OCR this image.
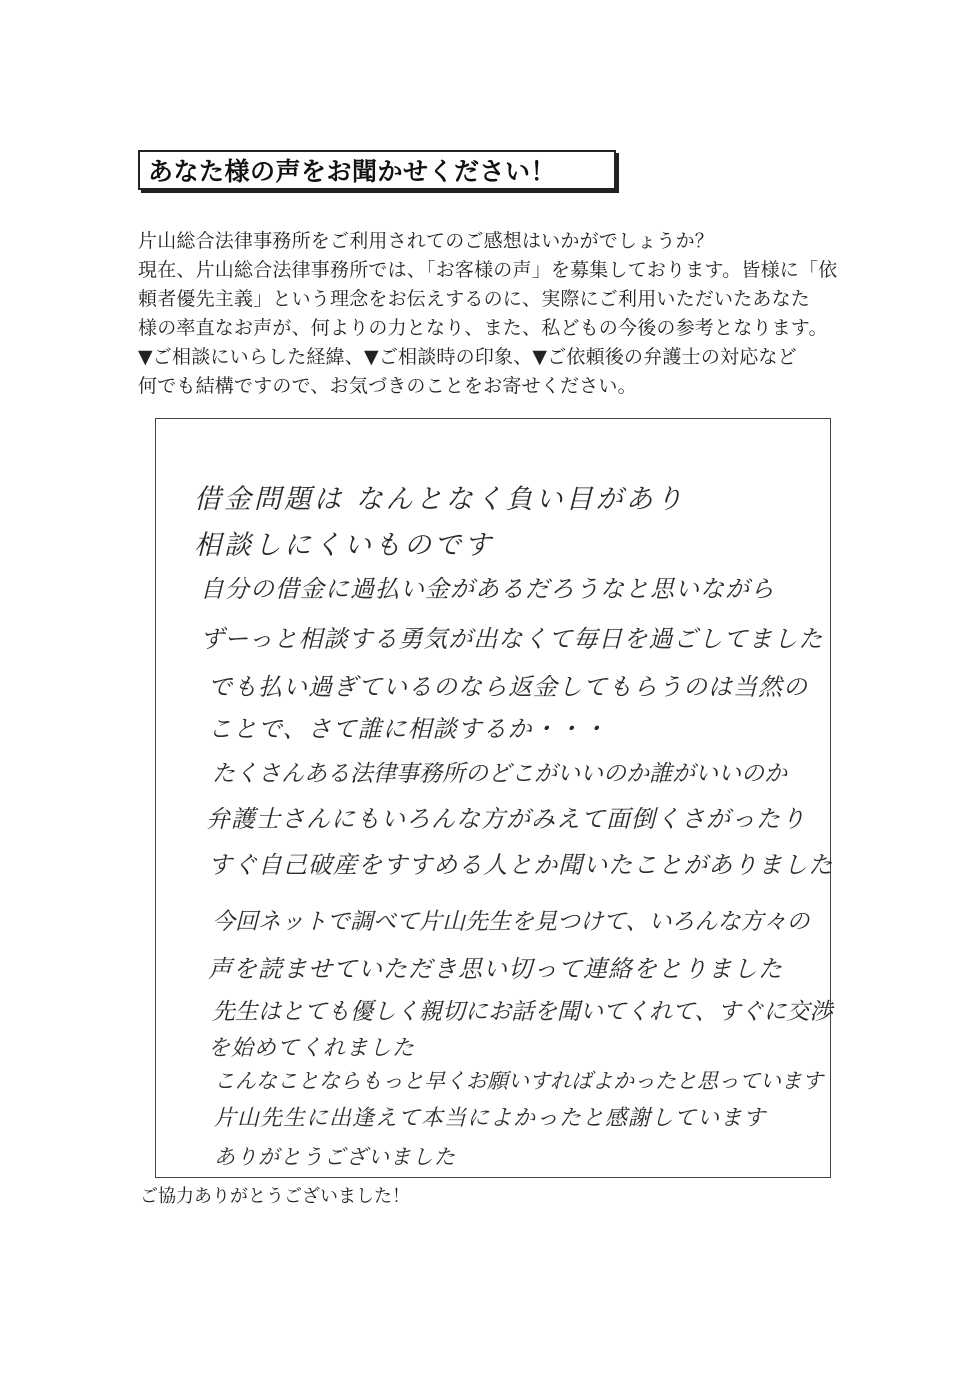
あなた様の声をお聞かせください！
片山総合法律事務所をご利用されてのご感想はいかがでしょうか？
現在、片山総合法律事務所では、「お客様の声」を募集しております。皆様に「依
頼者優先主義」という理念をお伝えするのに、実際にご利用いただいたあなた
様の率直なお声が、何よりの力となり、また、私どもの今後の参考となります。
▼ご相談にいらした経緯、▼ご相談時の印象、▼ご依頼後の弁護士の対応など
何でも結構ですので、お気づきのことをお寄せください。
借金問題は なんとなく負い目があり
相談しにくいものです
自分の借金に過払い金があるだろうなと思いながら
ずーっと相談する勇気が出なくて毎日を過ごしてました
でも払い過ぎているのなら返金してもらうのは当然の
ことで、さて誰に相談するか・・・
たくさんある法律事務所のどこがいいのか誰がいいのか
弁護士さんにもいろんな方がみえて面倒くさがったり
すぐ自己破産をすすめる人とか聞いたことがありました
今回ネットで調べて片山先生を見つけて、いろんな方々の
声を読ませていただき思い切って連絡をとりました
先生はとても優しく親切にお話を聞いてくれて、すぐに交渉
を始めてくれました
こんなことならもっと早くお願いすればよかったと思っています
片山先生に出逢えて本当によかったと感謝しています
ありがとうございました
ご協力ありがとうございました！
